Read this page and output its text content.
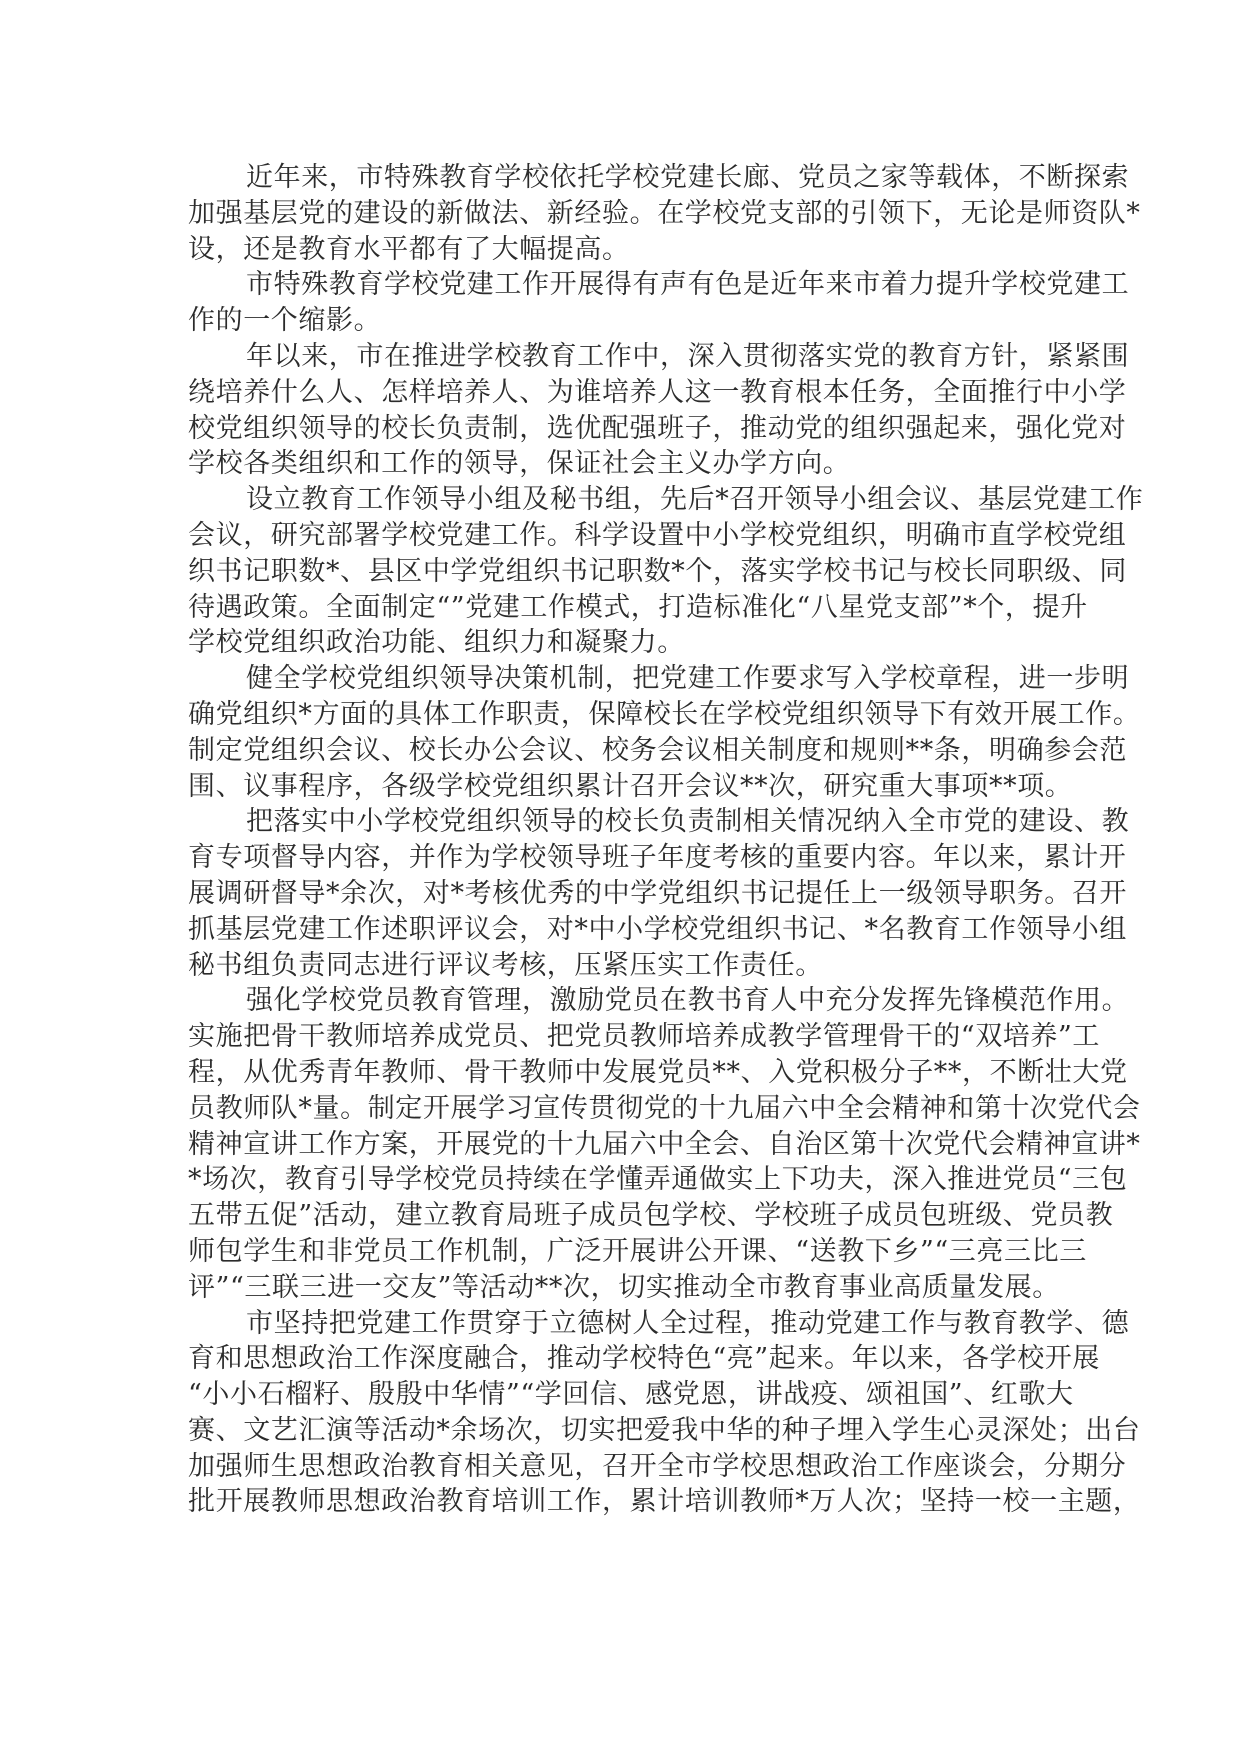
近年来，市特殊教育学校依托学校党建长廊、党员之家等载体，不断探索
加强基层党的建设的新做法、新经验。在学校党支部的引领下，无论是师资队*
设，还是教育水平都有了大幅提高。
市特殊教育学校党建工作开展得有声有色是近年来市着力提升学校党建工
作的一个缩影。
年以来，市在推进学校教育工作中，深入贯彻落实党的教育方针，紧紧围
绕培养什么人、怎样培养人、为谁培养人这一教育根本任务，全面推行中小学
校党组织领导的校长负责制，选优配强班子，推动党的组织强起来，强化党对
学校各类组织和工作的领导，保证社会主义办学方向。
设立教育工作领导小组及秘书组，先后*召开领导小组会议、基层党建工作
会议，研究部署学校党建工作。科学设置中小学校党组织，明确市直学校党组
织书记职数*、县区中学党组织书记职数*个，落实学校书记与校长同职级、同
待遇政策。全面制定“”党建工作模式，打造标准化“八星党支部”*个，提升
学校党组织政治功能、组织力和凝聚力。
健全学校党组织领导决策机制，把党建工作要求写入学校章程，进一步明
确党组织*方面的具体工作职责，保障校长在学校党组织领导下有效开展工作。
制定党组织会议、校长办公会议、校务会议相关制度和规则**条，明确参会范
围、议事程序，各级学校党组织累计召开会议**次，研究重大事项**项。
把落实中小学校党组织领导的校长负责制相关情况纳入全市党的建设、教
育专项督导内容，并作为学校领导班子年度考核的重要内容。年以来，累计开
展调研督导*余次，对*考核优秀的中学党组织书记提任上一级领导职务。召开
抓基层党建工作述职评议会，对*中小学校党组织书记、*名教育工作领导小组
秘书组负责同志进行评议考核，压紧压实工作责任。
强化学校党员教育管理，激励党员在教书育人中充分发挥先锋模范作用。
实施把骨干教师培养成党员、把党员教师培养成教学管理骨干的“双培养”工
程，从优秀青年教师、骨干教师中发展党员**、入党积极分子**，不断壮大党
员教师队*量。制定开展学习宣传贯彻党的十九届六中全会精神和第十次党代会
精神宣讲工作方案，开展党的十九届六中全会、自治区第十次党代会精神宣讲*
*场次，教育引导学校党员持续在学懂弄通做实上下功夫，深入推进党员“三包
五带五促”活动，建立教育局班子成员包学校、学校班子成员包班级、党员教
师包学生和非党员工作机制，广泛开展讲公开课、“送教下乡”“三亮三比三
评”“三联三进一交友”等活动**次，切实推动全市教育事业高质量发展。
市坚持把党建工作贯穿于立德树人全过程，推动党建工作与教育教学、德
育和思想政治工作深度融合，推动学校特色“亮”起来。年以来，各学校开展
“小小石榴籽、殷殷中华情”“学回信、感党恩，讲战疫、颂祖国”、红歌大
赛、文艺汇演等活动*余场次，切实把爱我中华的种子埋入学生心灵深处；出台
加强师生思想政治教育相关意见，召开全市学校思想政治工作座谈会，分期分
批开展教师思想政治教育培训工作，累计培训教师*万人次；坚持一校一主题，
